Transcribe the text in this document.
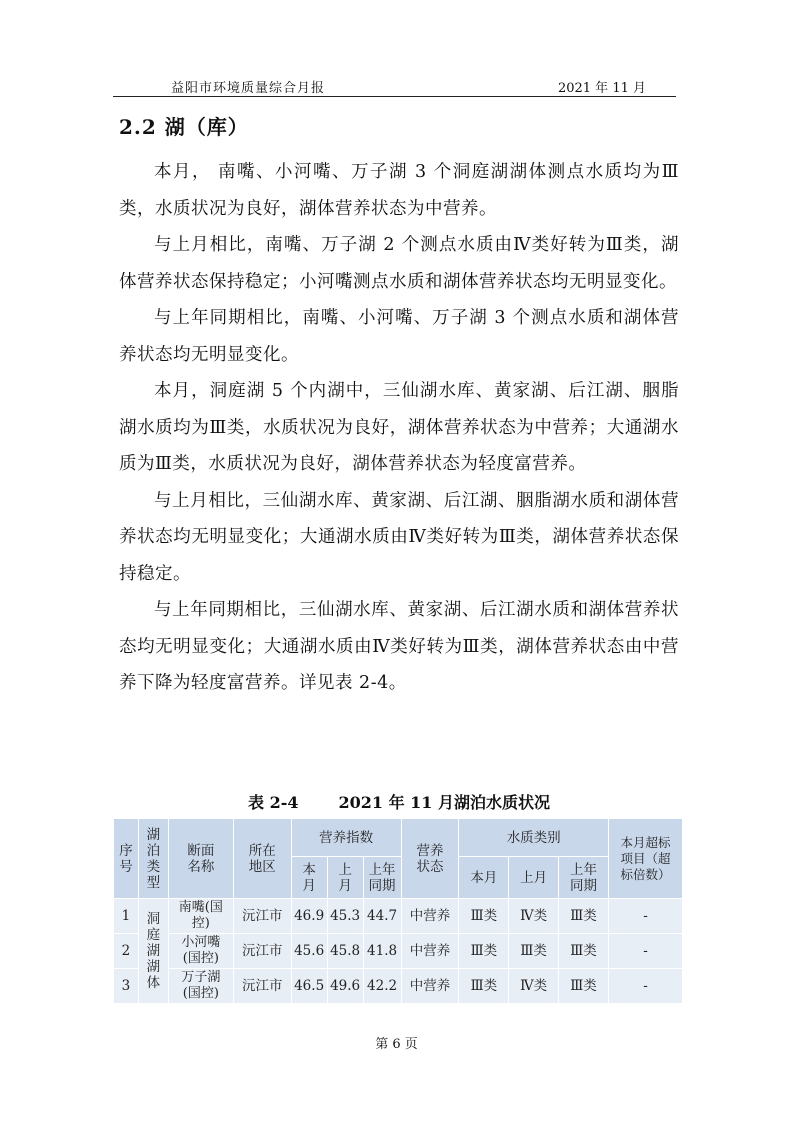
益阳市环境质量综合月报	2021 年 11 月
2.2 湖（库）

本月， 南嘴、小河嘴、万子湖 3 个洞庭湖湖体测点水质均为Ⅲ类，水质状况为良好，湖体营养状态为中营养。

与上月相比，南嘴、万子湖 2 个测点水质由Ⅳ类好转为Ⅲ类，湖体营养状态保持稳定；小河嘴测点水质和湖体营养状态均无明显变化。

与上年同期相比，南嘴、小河嘴、万子湖 3 个测点水质和湖体营养状态均无明显变化。

本月，洞庭湖 5 个内湖中，三仙湖水库、黄家湖、后江湖、胭脂湖水质均为Ⅲ类，水质状况为良好，湖体营养状态为中营养；大通湖水质为Ⅲ类，水质状况为良好，湖体营养状态为轻度富营养。

与上月相比，三仙湖水库、黄家湖、后江湖、胭脂湖水质和湖体营养状态均无明显变化；大通湖水质由Ⅳ类好转为Ⅲ类，湖体营养状态保持稳定。

与上年同期相比，三仙湖水库、黄家湖、后江湖水质和湖体营养状态均无明显变化；大通湖水质由Ⅳ类好转为Ⅲ类，湖体营养状态由中营养下降为轻度富营养。详见表 2-4。

表 2-4	2021 年 11 月湖泊水质状况
序号	湖泊类型	断面名称	所在地区	营养指数			营养状态	水质类别			本月超标项目（超标倍数）
				本月	上月	上年同期		本月	上月	上年同期	
1	洞庭湖湖体	南嘴(国控)	沅江市	46.9	45.3	44.7	中营养	Ⅲ类	Ⅳ类	Ⅲ类	-
2		小河嘴(国控)	沅江市	45.6	45.8	41.8	中营养	Ⅲ类	Ⅲ类	Ⅲ类	-
3		万子湖(国控)	沅江市	46.5	49.6	42.2	中营养	Ⅲ类	Ⅳ类	Ⅲ类	-
第 6 页
